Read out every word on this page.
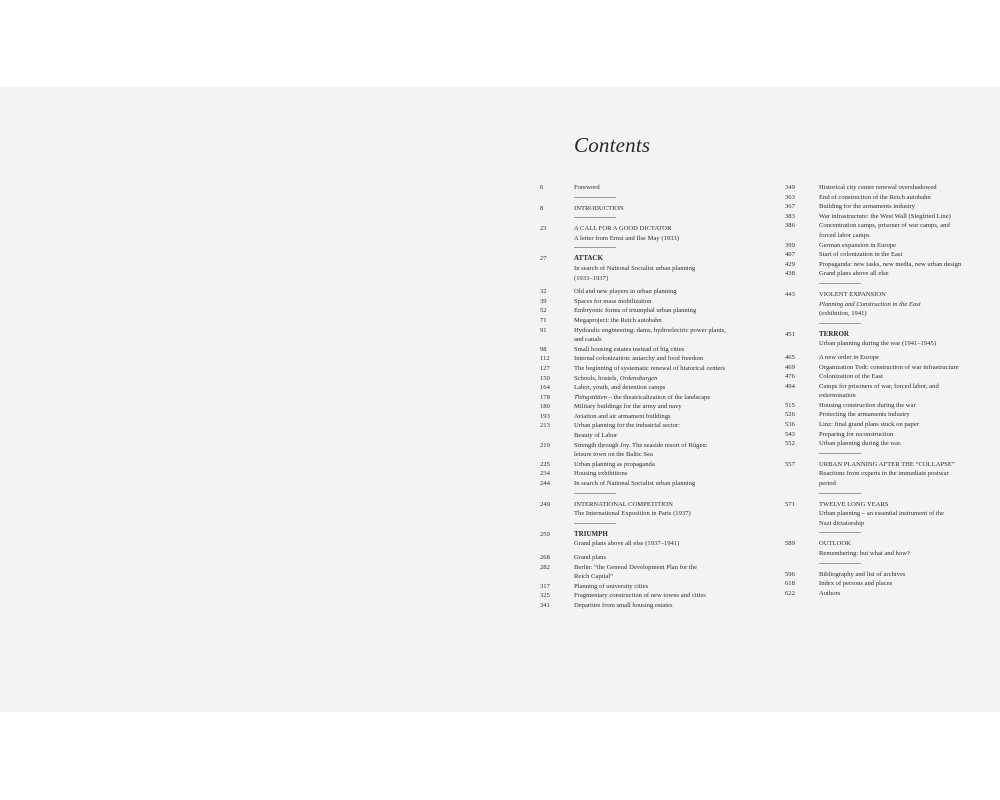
Contents
6	Foreword
8	INTRODUCTION
23	A CALL FOR A GOOD DICTATOR
A letter from Ernst and Ilse May (1933)
27	ATTACK
In search of National Socialist urban planning
(1933–1937)
32	Old and new players in urban planning
39	Spaces for mass mobilization
52	Embryonic forms of triumphal urban planning
71	Megaproject: the Reich autobahn
91	Hydraulic engineering: dams, hydroelectric power plants,
and canals
98	Small housing estates instead of big cities
112	Internal colonization: autarchy and food freedom
127	The beginning of systematic renewal of historical centers
150	Schools, hostels, Ordensburgen
164	Labor, youth, and detention camps
178	Thingstätten – the theatricalization of the landscape
180	Military buildings for the army and navy
193	Aviation and air armament buildings
213	Urban planning for the industrial sector:
Beauty of Labor
219	Strength through Joy. The seaside resort of Rügen:
leisure town on the Baltic Sea
225	Urban planning as propaganda
234	Housing exhibitions
244	In search of National Socialist urban planning
249	INTERNATIONAL COMPETITION
The International Exposition in Paris (1937)
259	TRIUMPH
Grand plans above all else (1937–1941)
268	Grand plans
282	Berlin: “the General Development Plan for the
Reich Capital”
317	Planning of university cities
325	Fragmentary construction of new towns and cities
341	Departure from small housing estates
349	Historical city center renewal overshadowed
363	End of construction of the Reich autobahn
367	Building for the armaments industry
383	War infrastructure: the West Wall (Siegfried Line)
386	Concentration camps, prisoner of war camps, and
forced labor camps
399	German expansion in Europe
407	Start of colonization in the East
429	Propaganda: new tasks, new media, new urban design
438	Grand plans above all else
443	VIOLENT EXPANSION
Planning and Construction in the East
(exhibition, 1941)
451	TERROR
Urban planning during the war (1941–1945)
465	A new order in Europe
469	Organization Todt: construction of war infrastructure
476	Colonization of the East
494	Camps for prisoners of war, forced labor, and
extermination
515	Housing construction during the war
526	Protecting the armaments industry
536	Linz: final grand plans stuck on paper
543	Preparing for reconstruction
552	Urban planning during the war.
557	URBAN PLANNING AFTER THE “COLLAPSE”
Reactions from experts in the immediate postwar
period
571	TWELVE LONG YEARS
Urban planning – an essential instrument of the
Nazi dictatorship
589	OUTLOOK
Remembering: but what and how?
596	Bibliography and list of archives
618	Index of persons and places
622	Authors
